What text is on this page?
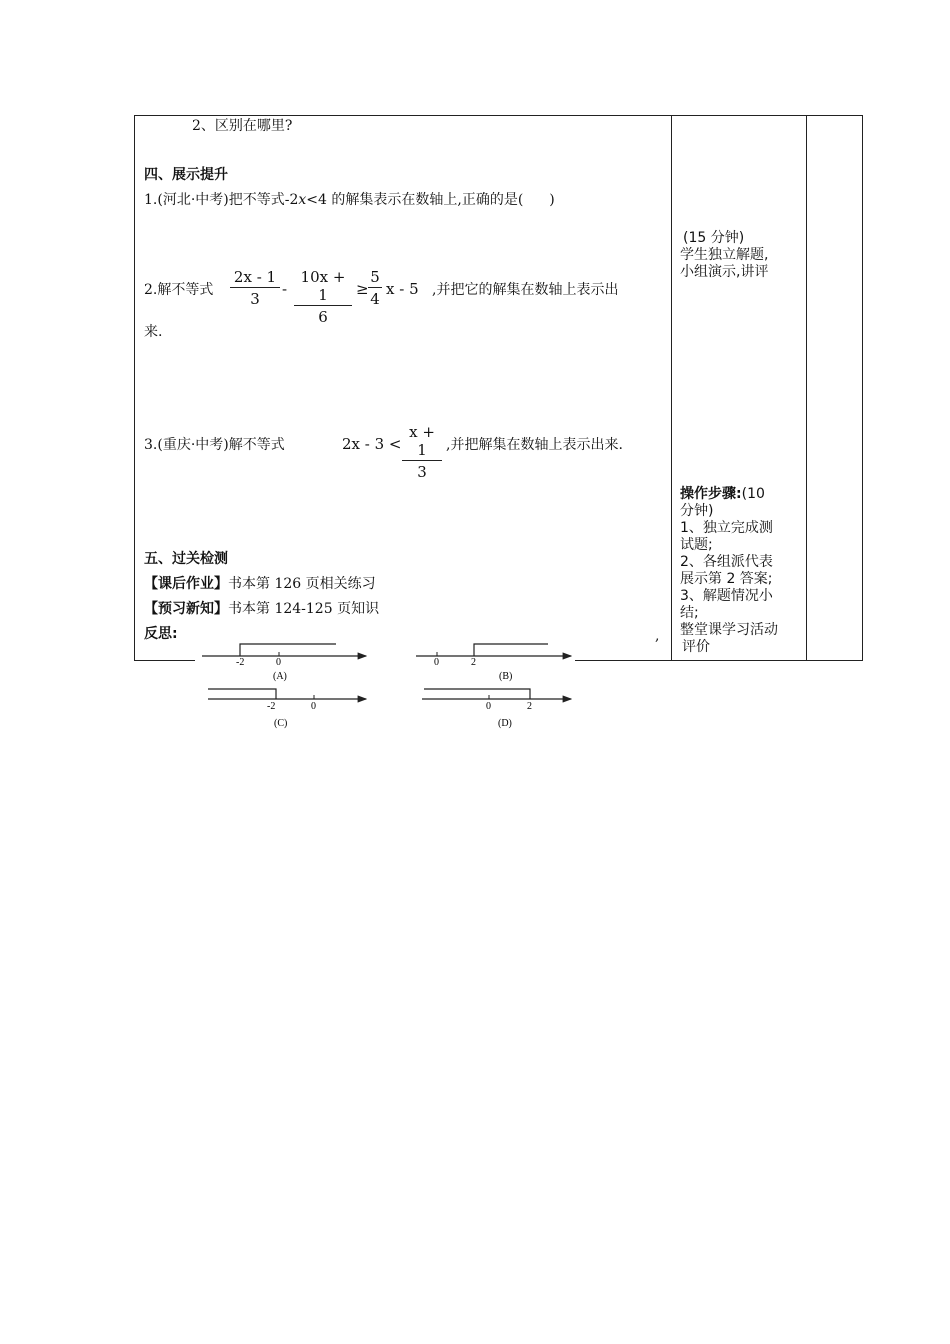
2、区别在哪里?
四、展示提升
1.(河北·中考)把不等式-2x<4 的解集表示在数轴上,正确的是( )
2.解不等式 $\frac{2x - 1}{3} - \frac{10x + 1}{6} \ge \frac{5}{4}$ x - 5 ,并把它的解集在数轴上表示出
来.
3.(重庆·中考)解不等式	$2x - 3 < \frac{x + 1}{3}$ ,并把解集在数轴上表示出来.
五、过关检测
【课后作业】书本第 126 页相关练习
【预习新知】书本第 124-125 页知识
反思:	,
(15 分钟)
学生独立解题,
小组演示,讲评
操作步骤:(10
分钟)
1、独立完成测
试题;
2、各组派代表
展示第 2 答案;
3、解题情况小
结;
整堂课学习活动
评价
-2	0
(A)
0	2
(B)
-2	0
(C)
0	2
(D)
